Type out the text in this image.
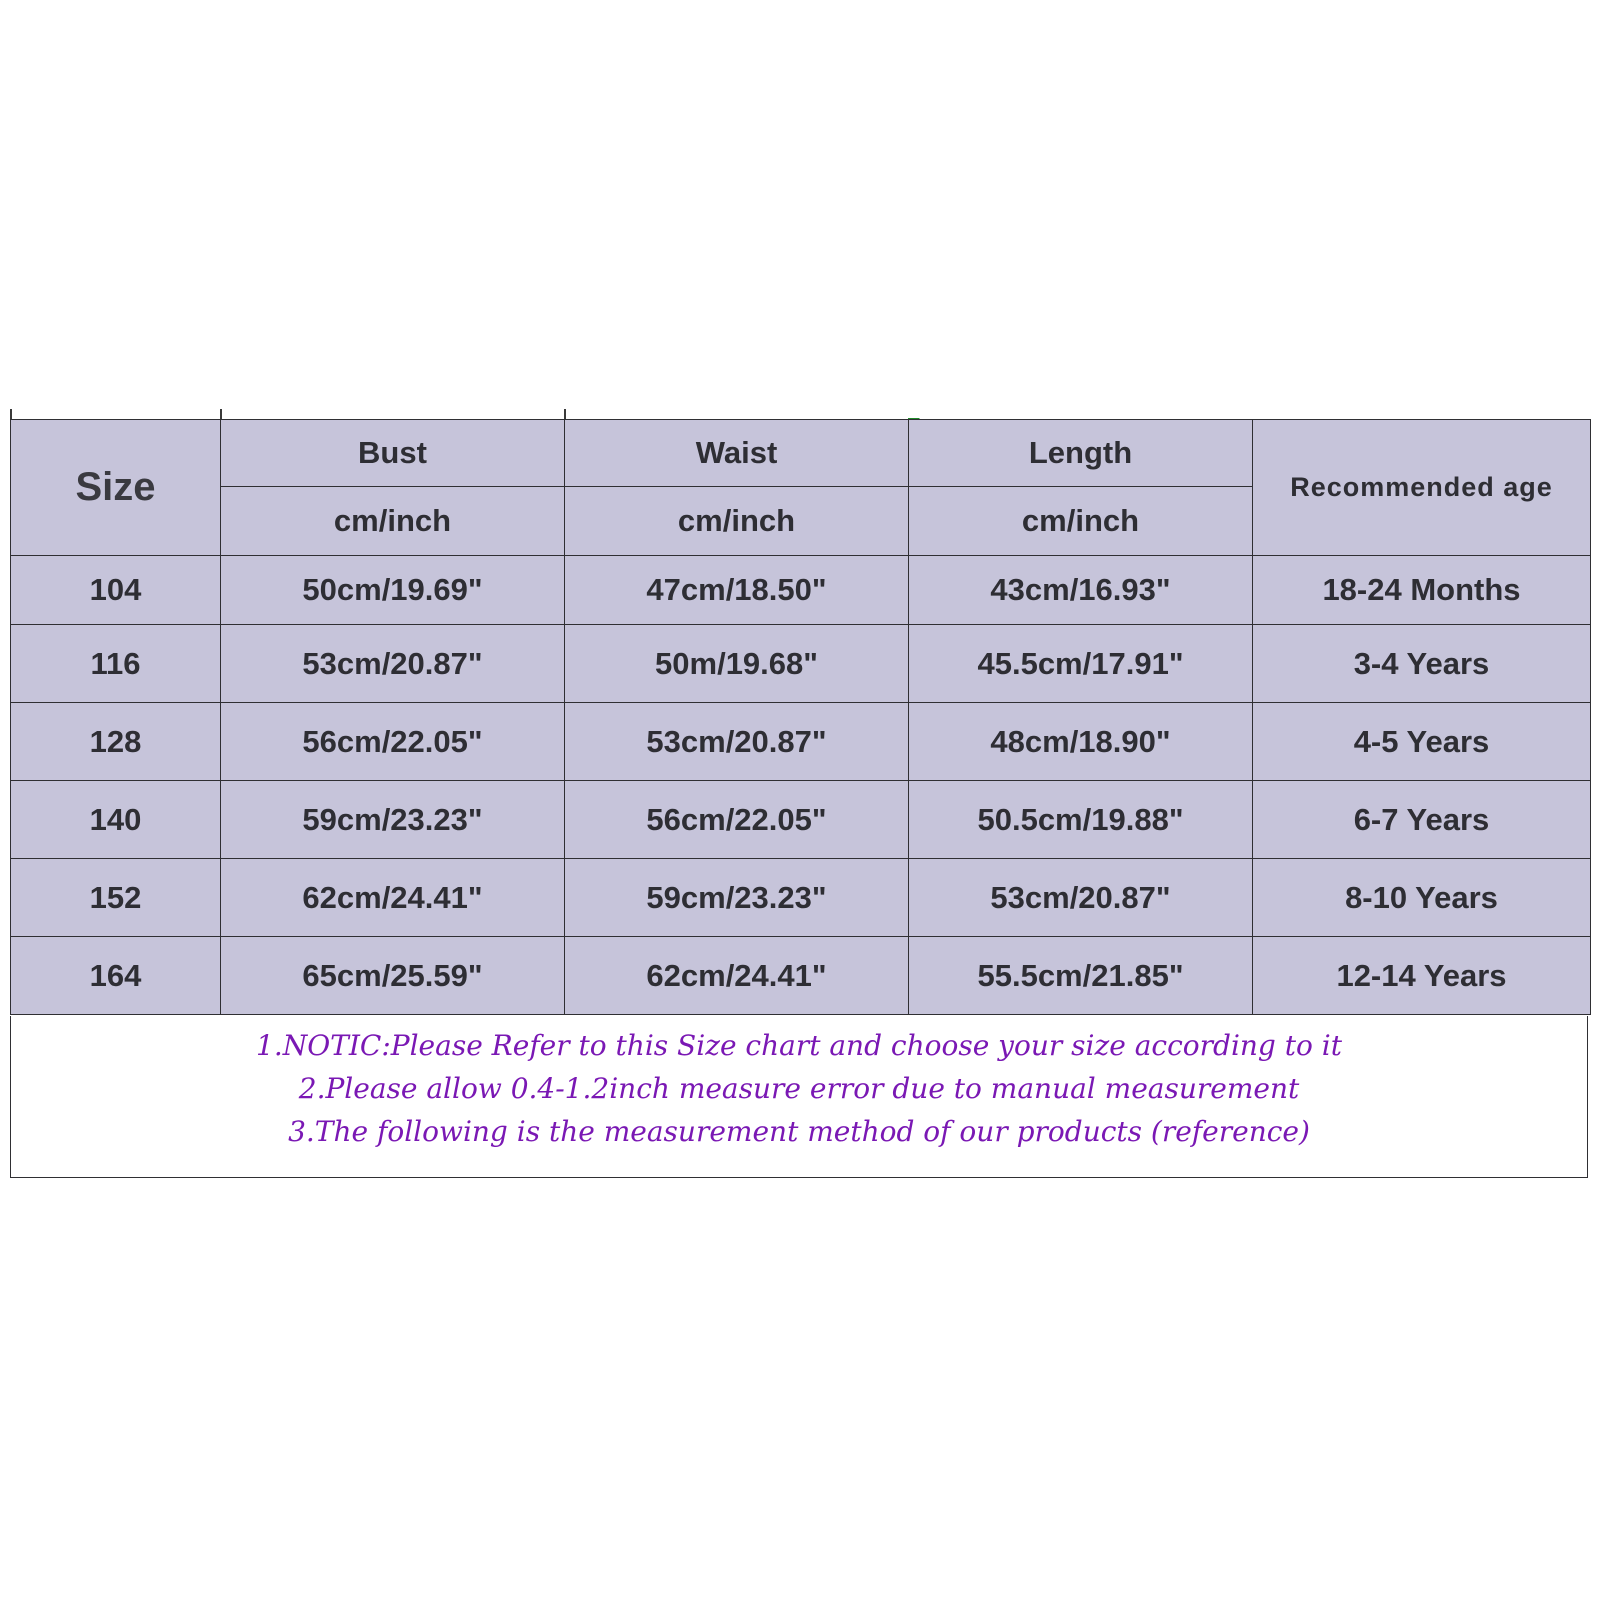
Size	Bust	Waist	Length	Recommended age
	cm/inch	cm/inch	cm/inch	
104	50cm/19.69"	47cm/18.50"	43cm/16.93"	18-24 Months
116	53cm/20.87"	50m/19.68"	45.5cm/17.91"	3-4 Years
128	56cm/22.05"	53cm/20.87"	48cm/18.90"	4-5 Years
140	59cm/23.23"	56cm/22.05"	50.5cm/19.88"	6-7 Years
152	62cm/24.41"	59cm/23.23"	53cm/20.87"	8-10 Years
164	65cm/25.59"	62cm/24.41"	55.5cm/21.85"	12-14 Years
1.NOTIC:Please Refer to this Size chart and choose your size according to it
2.Please allow 0.4-1.2inch measure error due to manual measurement
3.The following is the measurement method of our products (reference)
